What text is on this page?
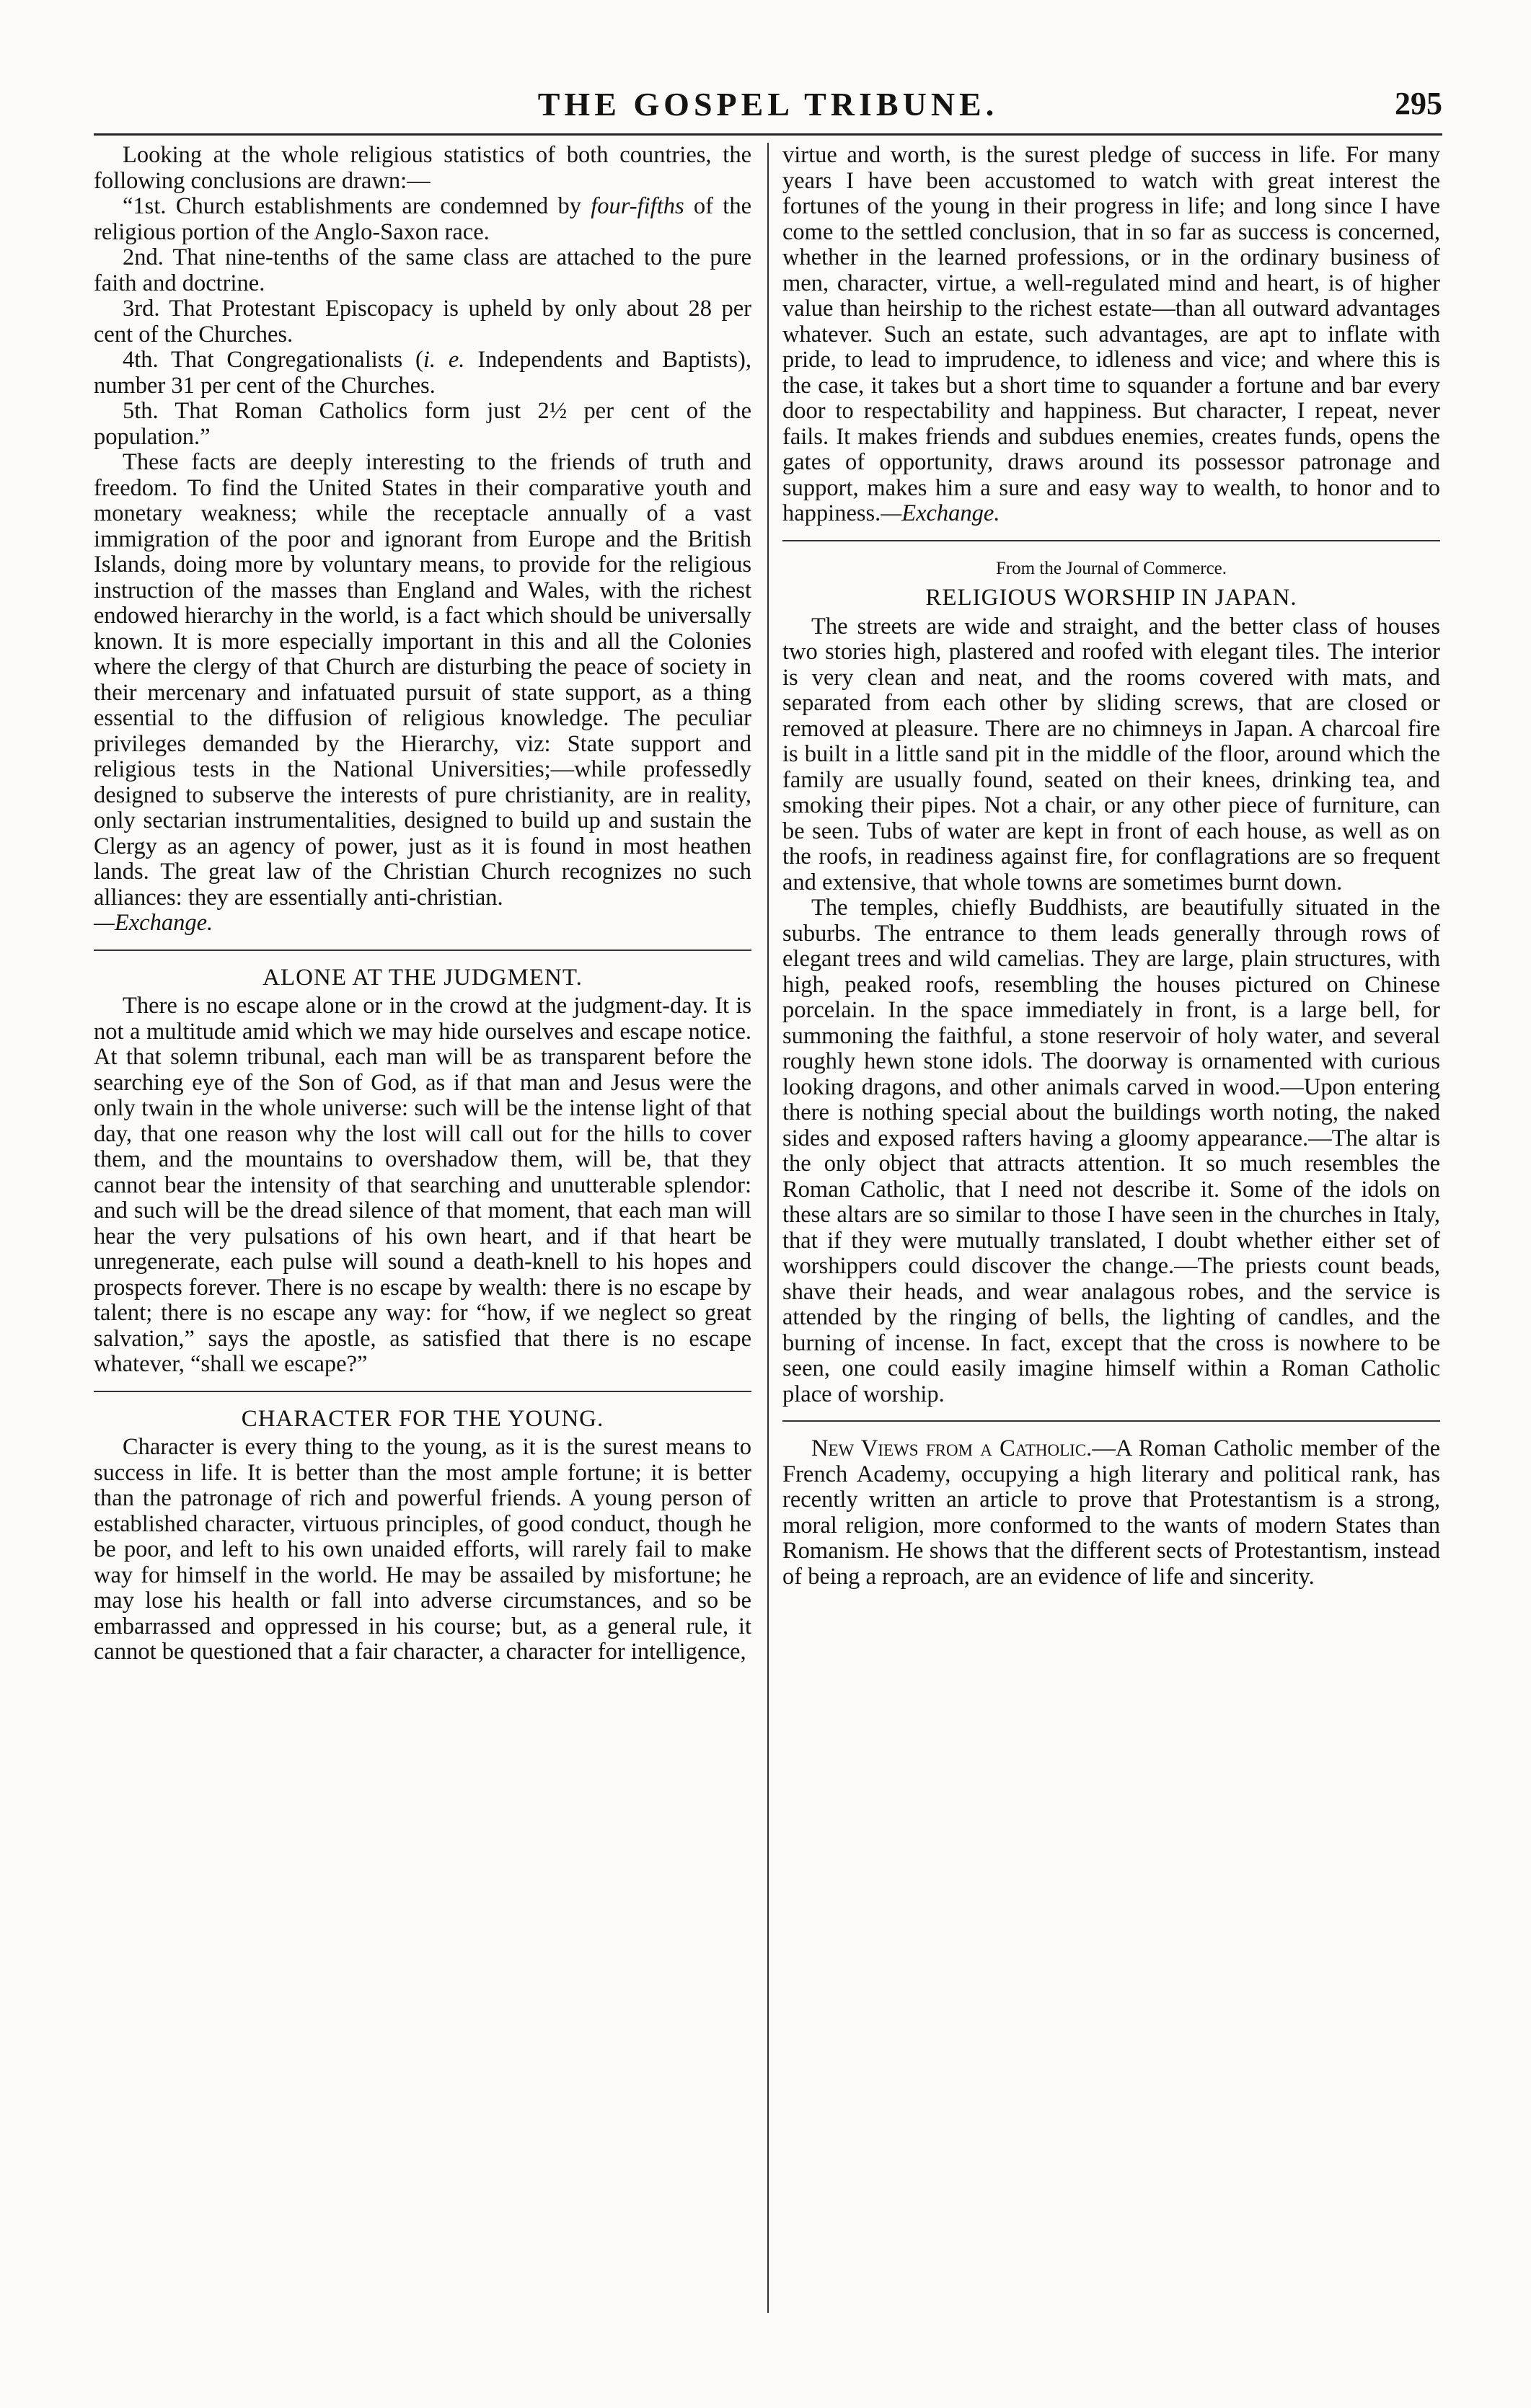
THE GOSPEL TRIBUNE.	295

Looking at the whole religious statistics of both countries, the following conclusions are drawn:—

“1st. Church establishments are condemned by four-fifths of the religious portion of the Anglo-Saxon race.

2nd. That nine-tenths of the same class are attached to the pure faith and doctrine.

3rd. That Protestant Episcopacy is upheld by only about 28 per cent of the Churches.

4th. That Congregationalists (i. e. Independents and Baptists), number 31 per cent of the Churches.

5th. That Roman Catholics form just 2½ per cent of the population.”

These facts are deeply interesting to the friends of truth and freedom. To find the United States in their comparative youth and monetary weakness; while the receptacle annually of a vast immigration of the poor and ignorant from Europe and the British Islands, doing more by voluntary means, to provide for the religious instruction of the masses than England and Wales, with the richest endowed hierarchy in the world, is a fact which should be universally known. It is more especially important in this and all the Colonies where the clergy of that Church are disturbing the peace of society in their mercenary and infatuated pursuit of state support, as a thing essential to the diffusion of religious knowledge. The peculiar privileges demanded by the Hierarchy, viz: State support and religious tests in the National Universities;—while professedly designed to subserve the interests of pure christianity, are in reality, only sectarian instrumentalities, designed to build up and sustain the Clergy as an agency of power, just as it is found in most heathen lands. The great law of the Christian Church recognizes no such alliances: they are essentially anti-christian.

—Exchange.

ALONE AT THE JUDGMENT.

There is no escape alone or in the crowd at the judgment-day. It is not a multitude amid which we may hide ourselves and escape notice. At that solemn tribunal, each man will be as transparent before the searching eye of the Son of God, as if that man and Jesus were the only twain in the whole universe: such will be the intense light of that day, that one reason why the lost will call out for the hills to cover them, and the mountains to overshadow them, will be, that they cannot bear the intensity of that searching and unutterable splendor: and such will be the dread silence of that moment, that each man will hear the very pulsations of his own heart, and if that heart be unregenerate, each pulse will sound a death-knell to his hopes and prospects forever. There is no escape by wealth: there is no escape by talent; there is no escape any way: for “how, if we neglect so great salvation,” says the apostle, as satisfied that there is no escape whatever, “shall we escape?”

CHARACTER FOR THE YOUNG.

Character is every thing to the young, as it is the surest means to success in life. It is better than the most ample fortune; it is better than the patronage of rich and powerful friends. A young person of established character, virtuous principles, of good conduct, though he be poor, and left to his own unaided efforts, will rarely fail to make way for himself in the world. He may be assailed by misfortune; he may lose his health or fall into adverse circumstances, and so be embarrassed and oppressed in his course; but, as a general rule, it cannot be questioned that a fair character, a character for intelligence,

virtue and worth, is the surest pledge of success in life. For many years I have been accustomed to watch with great interest the fortunes of the young in their progress in life; and long since I have come to the settled conclusion, that in so far as success is concerned, whether in the learned professions, or in the ordinary business of men, character, virtue, a well-regulated mind and heart, is of higher value than heirship to the richest estate—than all outward advantages whatever. Such an estate, such advantages, are apt to inflate with pride, to lead to imprudence, to idleness and vice; and where this is the case, it takes but a short time to squander a fortune and bar every door to respectability and happiness. But character, I repeat, never fails. It makes friends and subdues enemies, creates funds, opens the gates of opportunity, draws around its possessor patronage and support, makes him a sure and easy way to wealth, to honor and to happiness.—Exchange.

From the Journal of Commerce.
RELIGIOUS WORSHIP IN JAPAN.

The streets are wide and straight, and the better class of houses two stories high, plastered and roofed with elegant tiles. The interior is very clean and neat, and the rooms covered with mats, and separated from each other by sliding screws, that are closed or removed at pleasure. There are no chimneys in Japan. A charcoal fire is built in a little sand pit in the middle of the floor, around which the family are usually found, seated on their knees, drinking tea, and smoking their pipes. Not a chair, or any other piece of furniture, can be seen. Tubs of water are kept in front of each house, as well as on the roofs, in readiness against fire, for conflagrations are so frequent and extensive, that whole towns are sometimes burnt down.

The temples, chiefly Buddhists, are beautifully situated in the suburbs. The entrance to them leads generally through rows of elegant trees and wild camelias. They are large, plain structures, with high, peaked roofs, resembling the houses pictured on Chinese porcelain. In the space immediately in front, is a large bell, for summoning the faithful, a stone reservoir of holy water, and several roughly hewn stone idols. The doorway is ornamented with curious looking dragons, and other animals carved in wood.—Upon entering there is nothing special about the buildings worth noting, the naked sides and exposed rafters having a gloomy appearance.—The altar is the only object that attracts attention. It so much resembles the Roman Catholic, that I need not describe it. Some of the idols on these altars are so similar to those I have seen in the churches in Italy, that if they were mutually translated, I doubt whether either set of worshippers could discover the change.—The priests count beads, shave their heads, and wear analagous robes, and the service is attended by the ringing of bells, the lighting of candles, and the burning of incense. In fact, except that the cross is nowhere to be seen, one could easily imagine himself within a Roman Catholic place of worship.

New Views from a Catholic.—A Roman Catholic member of the French Academy, occupying a high literary and political rank, has recently written an article to prove that Protestantism is a strong, moral religion, more conformed to the wants of modern States than Romanism. He shows that the different sects of Protestantism, instead of being a reproach, are an evidence of life and sincerity.
